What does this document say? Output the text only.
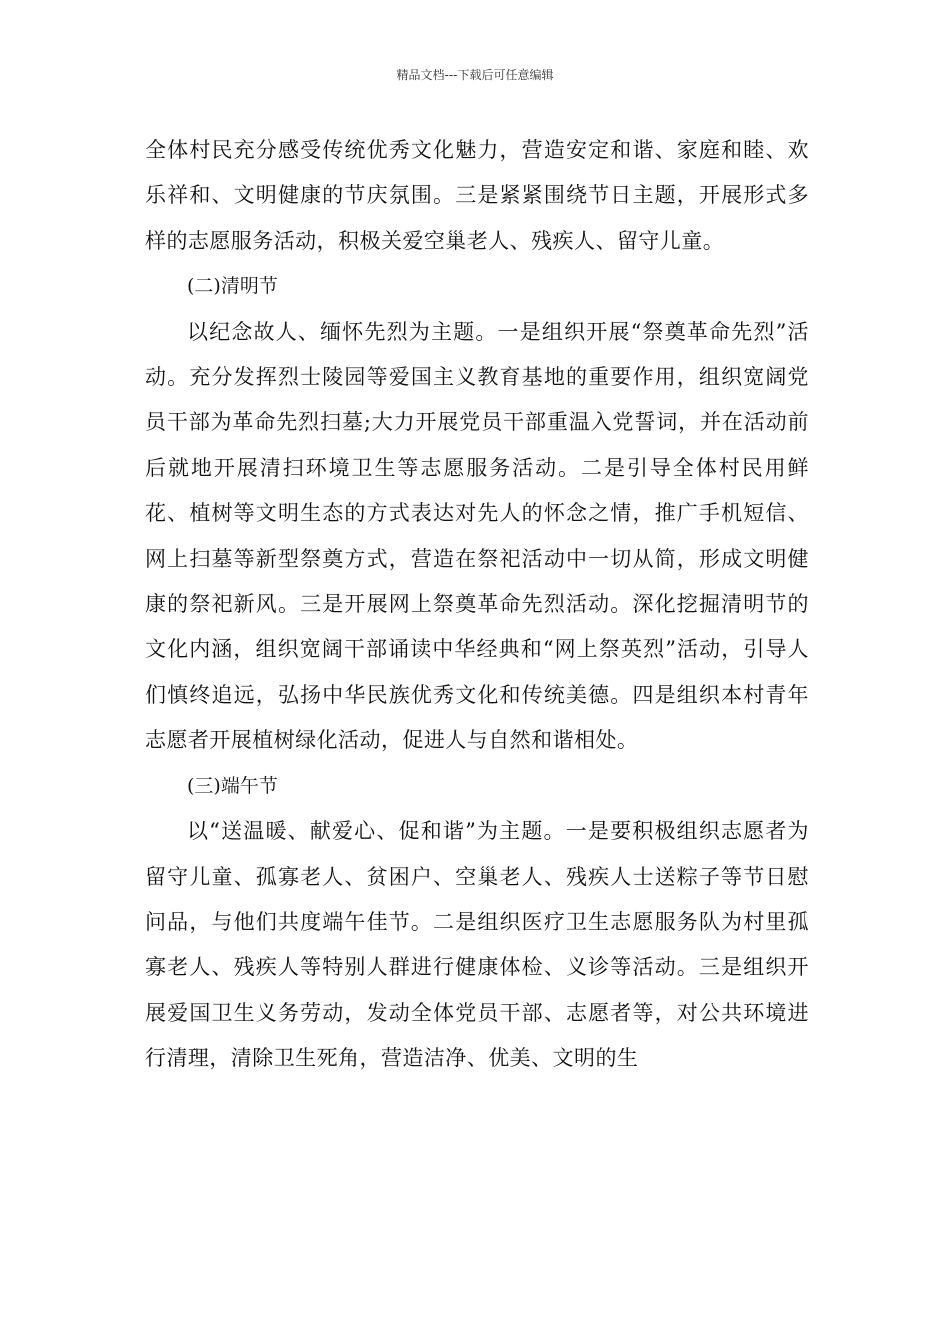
精品文档---下载后可任意编辑

全体村民充分感受传统优秀文化魅力，营造安定和谐、家庭和睦、欢乐祥和、文明健康的节庆氛围。三是紧紧围绕节日主题，开展形式多样的志愿服务活动，积极关爱空巢老人、残疾人、留守儿童。

(二)清明节

以纪念故人、缅怀先烈为主题。一是组织开展“祭奠革命先烈”活动。充分发挥烈士陵园等爱国主义教育基地的重要作用，组织宽阔党员干部为革命先烈扫墓;大力开展党员干部重温入党誓词，并在活动前后就地开展清扫环境卫生等志愿服务活动。二是引导全体村民用鲜花、植树等文明生态的方式表达对先人的怀念之情，推广手机短信、网上扫墓等新型祭奠方式，营造在祭祀活动中一切从简，形成文明健康的祭祀新风。三是开展网上祭奠革命先烈活动。深化挖掘清明节的文化内涵，组织宽阔干部诵读中华经典和“网上祭英烈”活动，引导人们慎终追远，弘扬中华民族优秀文化和传统美德。四是组织本村青年志愿者开展植树绿化活动，促进人与自然和谐相处。

(三)端午节

以“送温暖、献爱心、促和谐”为主题。一是要积极组织志愿者为留守儿童、孤寡老人、贫困户、空巢老人、残疾人士送粽子等节日慰问品，与他们共度端午佳节。二是组织医疗卫生志愿服务队为村里孤寡老人、残疾人等特别人群进行健康体检、义诊等活动。三是组织开展爱国卫生义务劳动，发动全体党员干部、志愿者等，对公共环境进行清理，清除卫生死角，营造洁净、优美、文明的生
